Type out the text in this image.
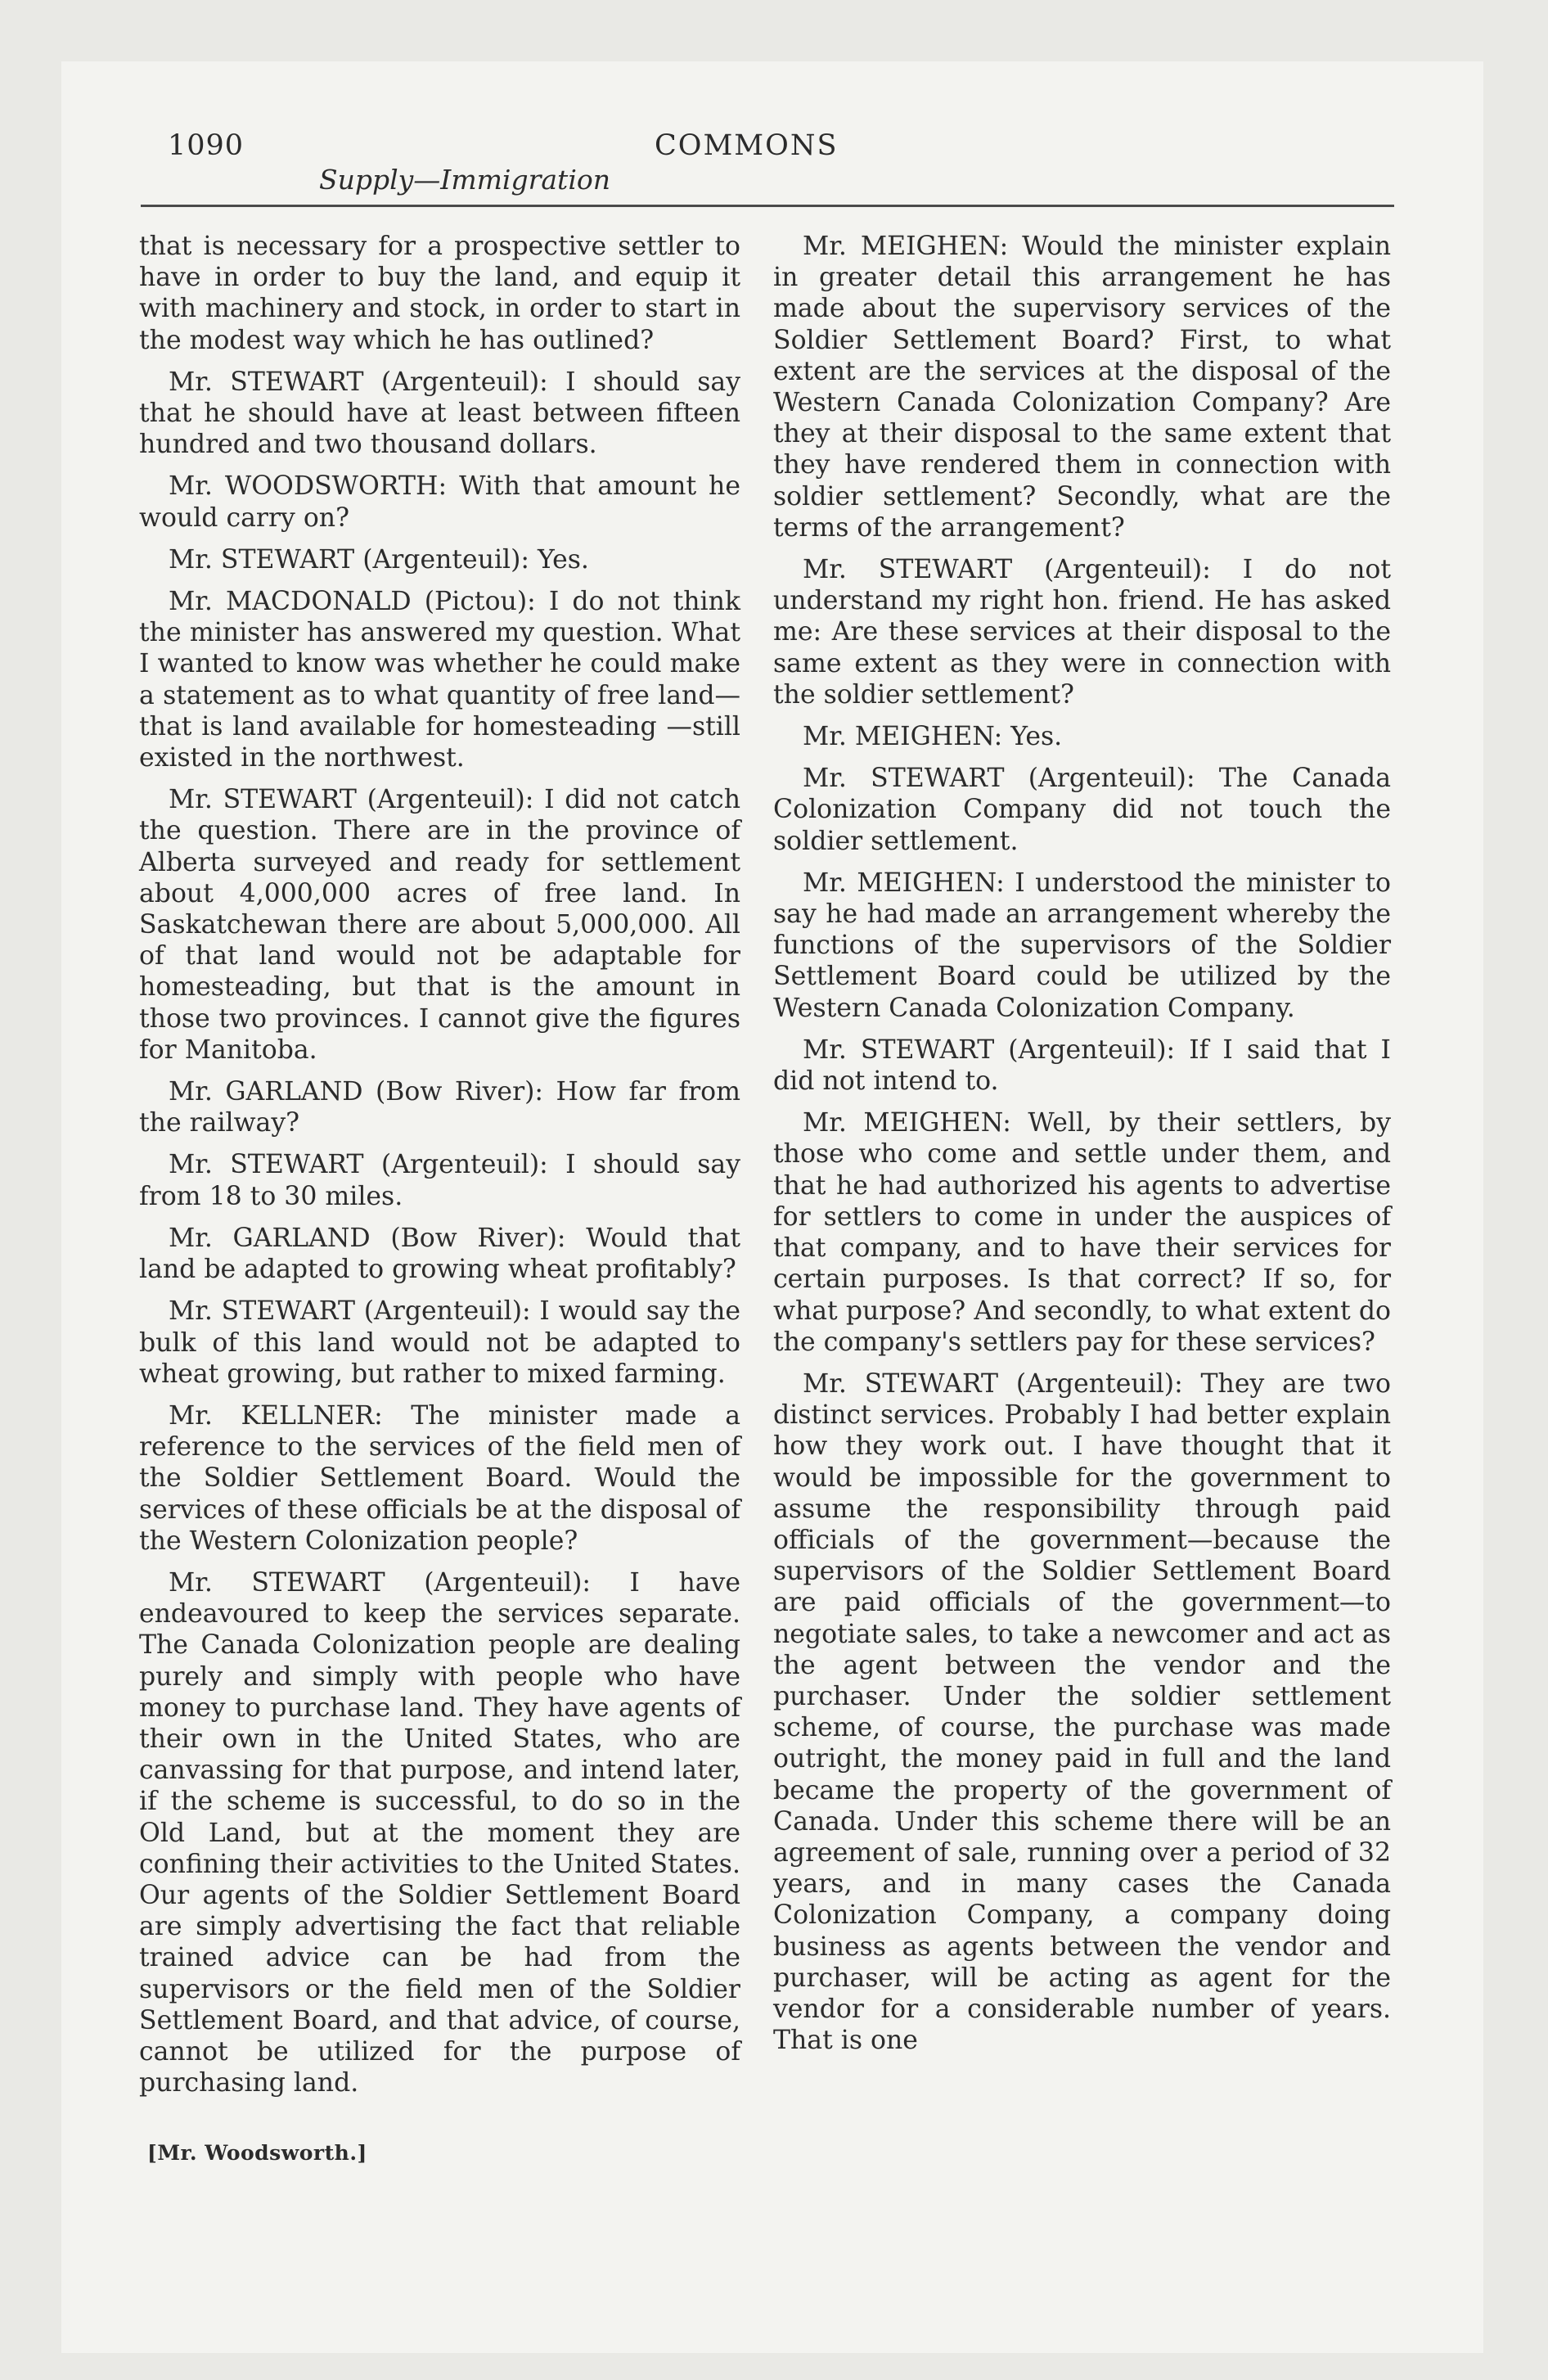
1090	COMMONS
Supply—Immigration

that is necessary for a prospective settler to have in order to buy the land, and equip it with machinery and stock, in order to start in the modest way which he has outlined?

Mr. STEWART (Argenteuil): I should say that he should have at least between fifteen hundred and two thousand dollars.

Mr. WOODSWORTH: With that amount he would carry on?

Mr. STEWART (Argenteuil): Yes.

Mr. MACDONALD (Pictou): I do not think the minister has answered my question. What I wanted to know was whether he could make a statement as to what quantity of free land—that is land available for homesteading —still existed in the northwest.

Mr. STEWART (Argenteuil): I did not catch the question. There are in the province of Alberta surveyed and ready for settlement about 4,000,000 acres of free land. In Saskatchewan there are about 5,000,000. All of that land would not be adaptable for homesteading, but that is the amount in those two provinces. I cannot give the figures for Manitoba.

Mr. GARLAND (Bow River): How far from the railway?

Mr. STEWART (Argenteuil): I should say from 18 to 30 miles.

Mr. GARLAND (Bow River): Would that land be adapted to growing wheat profitably?

Mr. STEWART (Argenteuil): I would say the bulk of this land would not be adapted to wheat growing, but rather to mixed farming.

Mr. KELLNER: The minister made a reference to the services of the field men of the Soldier Settlement Board. Would the services of these officials be at the disposal of the Western Colonization people?

Mr. STEWART (Argenteuil): I have endeavoured to keep the services separate. The Canada Colonization people are dealing purely and simply with people who have money to purchase land. They have agents of their own in the United States, who are canvassing for that purpose, and intend later, if the scheme is successful, to do so in the Old Land, but at the moment they are confining their activities to the United States. Our agents of the Soldier Settlement Board are simply advertising the fact that reliable trained advice can be had from the supervisors or the field men of the Soldier Settlement Board, and that advice, of course, cannot be utilized for the purpose of purchasing land.

Mr. MEIGHEN: Would the minister explain in greater detail this arrangement he has made about the supervisory services of the Soldier Settlement Board? First, to what extent are the services at the disposal of the Western Canada Colonization Company? Are they at their disposal to the same extent that they have rendered them in connection with soldier settlement? Secondly, what are the terms of the arrangement?

Mr. STEWART (Argenteuil): I do not understand my right hon. friend. He has asked me: Are these services at their disposal to the same extent as they were in connection with the soldier settlement?

Mr. MEIGHEN: Yes.

Mr. STEWART (Argenteuil): The Canada Colonization Company did not touch the soldier settlement.

Mr. MEIGHEN: I understood the minister to say he had made an arrangement whereby the functions of the supervisors of the Soldier Settlement Board could be utilized by the Western Canada Colonization Company.

Mr. STEWART (Argenteuil): If I said that I did not intend to.

Mr. MEIGHEN: Well, by their settlers, by those who come and settle under them, and that he had authorized his agents to advertise for settlers to come in under the auspices of that company, and to have their services for certain purposes. Is that correct? If so, for what purpose? And secondly, to what extent do the company's settlers pay for these services?

Mr. STEWART (Argenteuil): They are two distinct services. Probably I had better explain how they work out. I have thought that it would be impossible for the government to assume the responsibility through paid officials of the government—because the supervisors of the Soldier Settlement Board are paid officials of the government—to negotiate sales, to take a newcomer and act as the agent between the vendor and the purchaser. Under the soldier settlement scheme, of course, the purchase was made outright, the money paid in full and the land became the property of the government of Canada. Under this scheme there will be an agreement of sale, running over a period of 32 years, and in many cases the Canada Colonization Company, a company doing business as agents between the vendor and purchaser, will be acting as agent for the vendor for a considerable number of years. That is one

[Mr. Woodsworth.]
